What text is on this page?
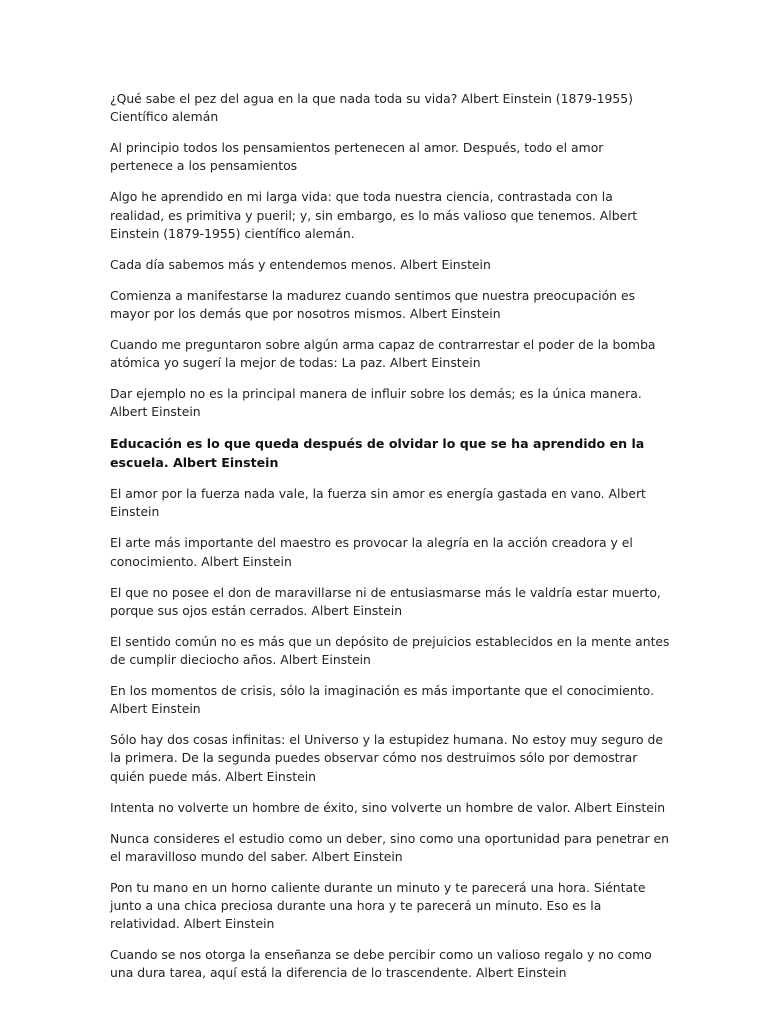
¿Qué sabe el pez del agua en la que nada toda su vida? Albert Einstein (1879-1955) Científico alemán

Al principio todos los pensamientos pertenecen al amor. Después, todo el amor pertenece a los pensamientos

Algo he aprendido en mi larga vida: que toda nuestra ciencia, contrastada con la realidad, es primitiva y pueril; y, sin embargo, es lo más valioso que tenemos. Albert Einstein (1879-1955) científico alemán.

Cada día sabemos más y entendemos menos. Albert Einstein

Comienza a manifestarse la madurez cuando sentimos que nuestra preocupación es mayor por los demás que por nosotros mismos. Albert Einstein

Cuando me preguntaron sobre algún arma capaz de contrarrestar el poder de la bomba atómica yo sugerí la mejor de todas: La paz. Albert Einstein

Dar ejemplo no es la principal manera de influir sobre los demás; es la única manera. Albert Einstein

Educación es lo que queda después de olvidar lo que se ha aprendido en la escuela. Albert Einstein

El amor por la fuerza nada vale, la fuerza sin amor es energía gastada en vano. Albert Einstein

El arte más importante del maestro es provocar la alegría en la acción creadora y el conocimiento. Albert Einstein

El que no posee el don de maravillarse ni de entusiasmarse más le valdría estar muerto, porque sus ojos están cerrados. Albert Einstein

El sentido común no es más que un depósito de prejuicios establecidos en la mente antes de cumplir dieciocho años. Albert Einstein

En los momentos de crisis, sólo la imaginación es más importante que el conocimiento. Albert Einstein

Sólo hay dos cosas infinitas: el Universo y la estupidez humana. No estoy muy seguro de la primera. De la segunda puedes observar cómo nos destruimos sólo por demostrar quién puede más. Albert Einstein

Intenta no volverte un hombre de éxito, sino volverte un hombre de valor. Albert Einstein

Nunca consideres el estudio como un deber, sino como una oportunidad para penetrar en el maravilloso mundo del saber. Albert Einstein

Pon tu mano en un horno caliente durante un minuto y te parecerá una hora. Siéntate junto a una chica preciosa durante una hora y te parecerá un minuto. Eso es la relatividad. Albert Einstein

Cuando se nos otorga la enseñanza se debe percibir como un valioso regalo y no como una dura tarea, aquí está la diferencia de lo trascendente. Albert Einstein
